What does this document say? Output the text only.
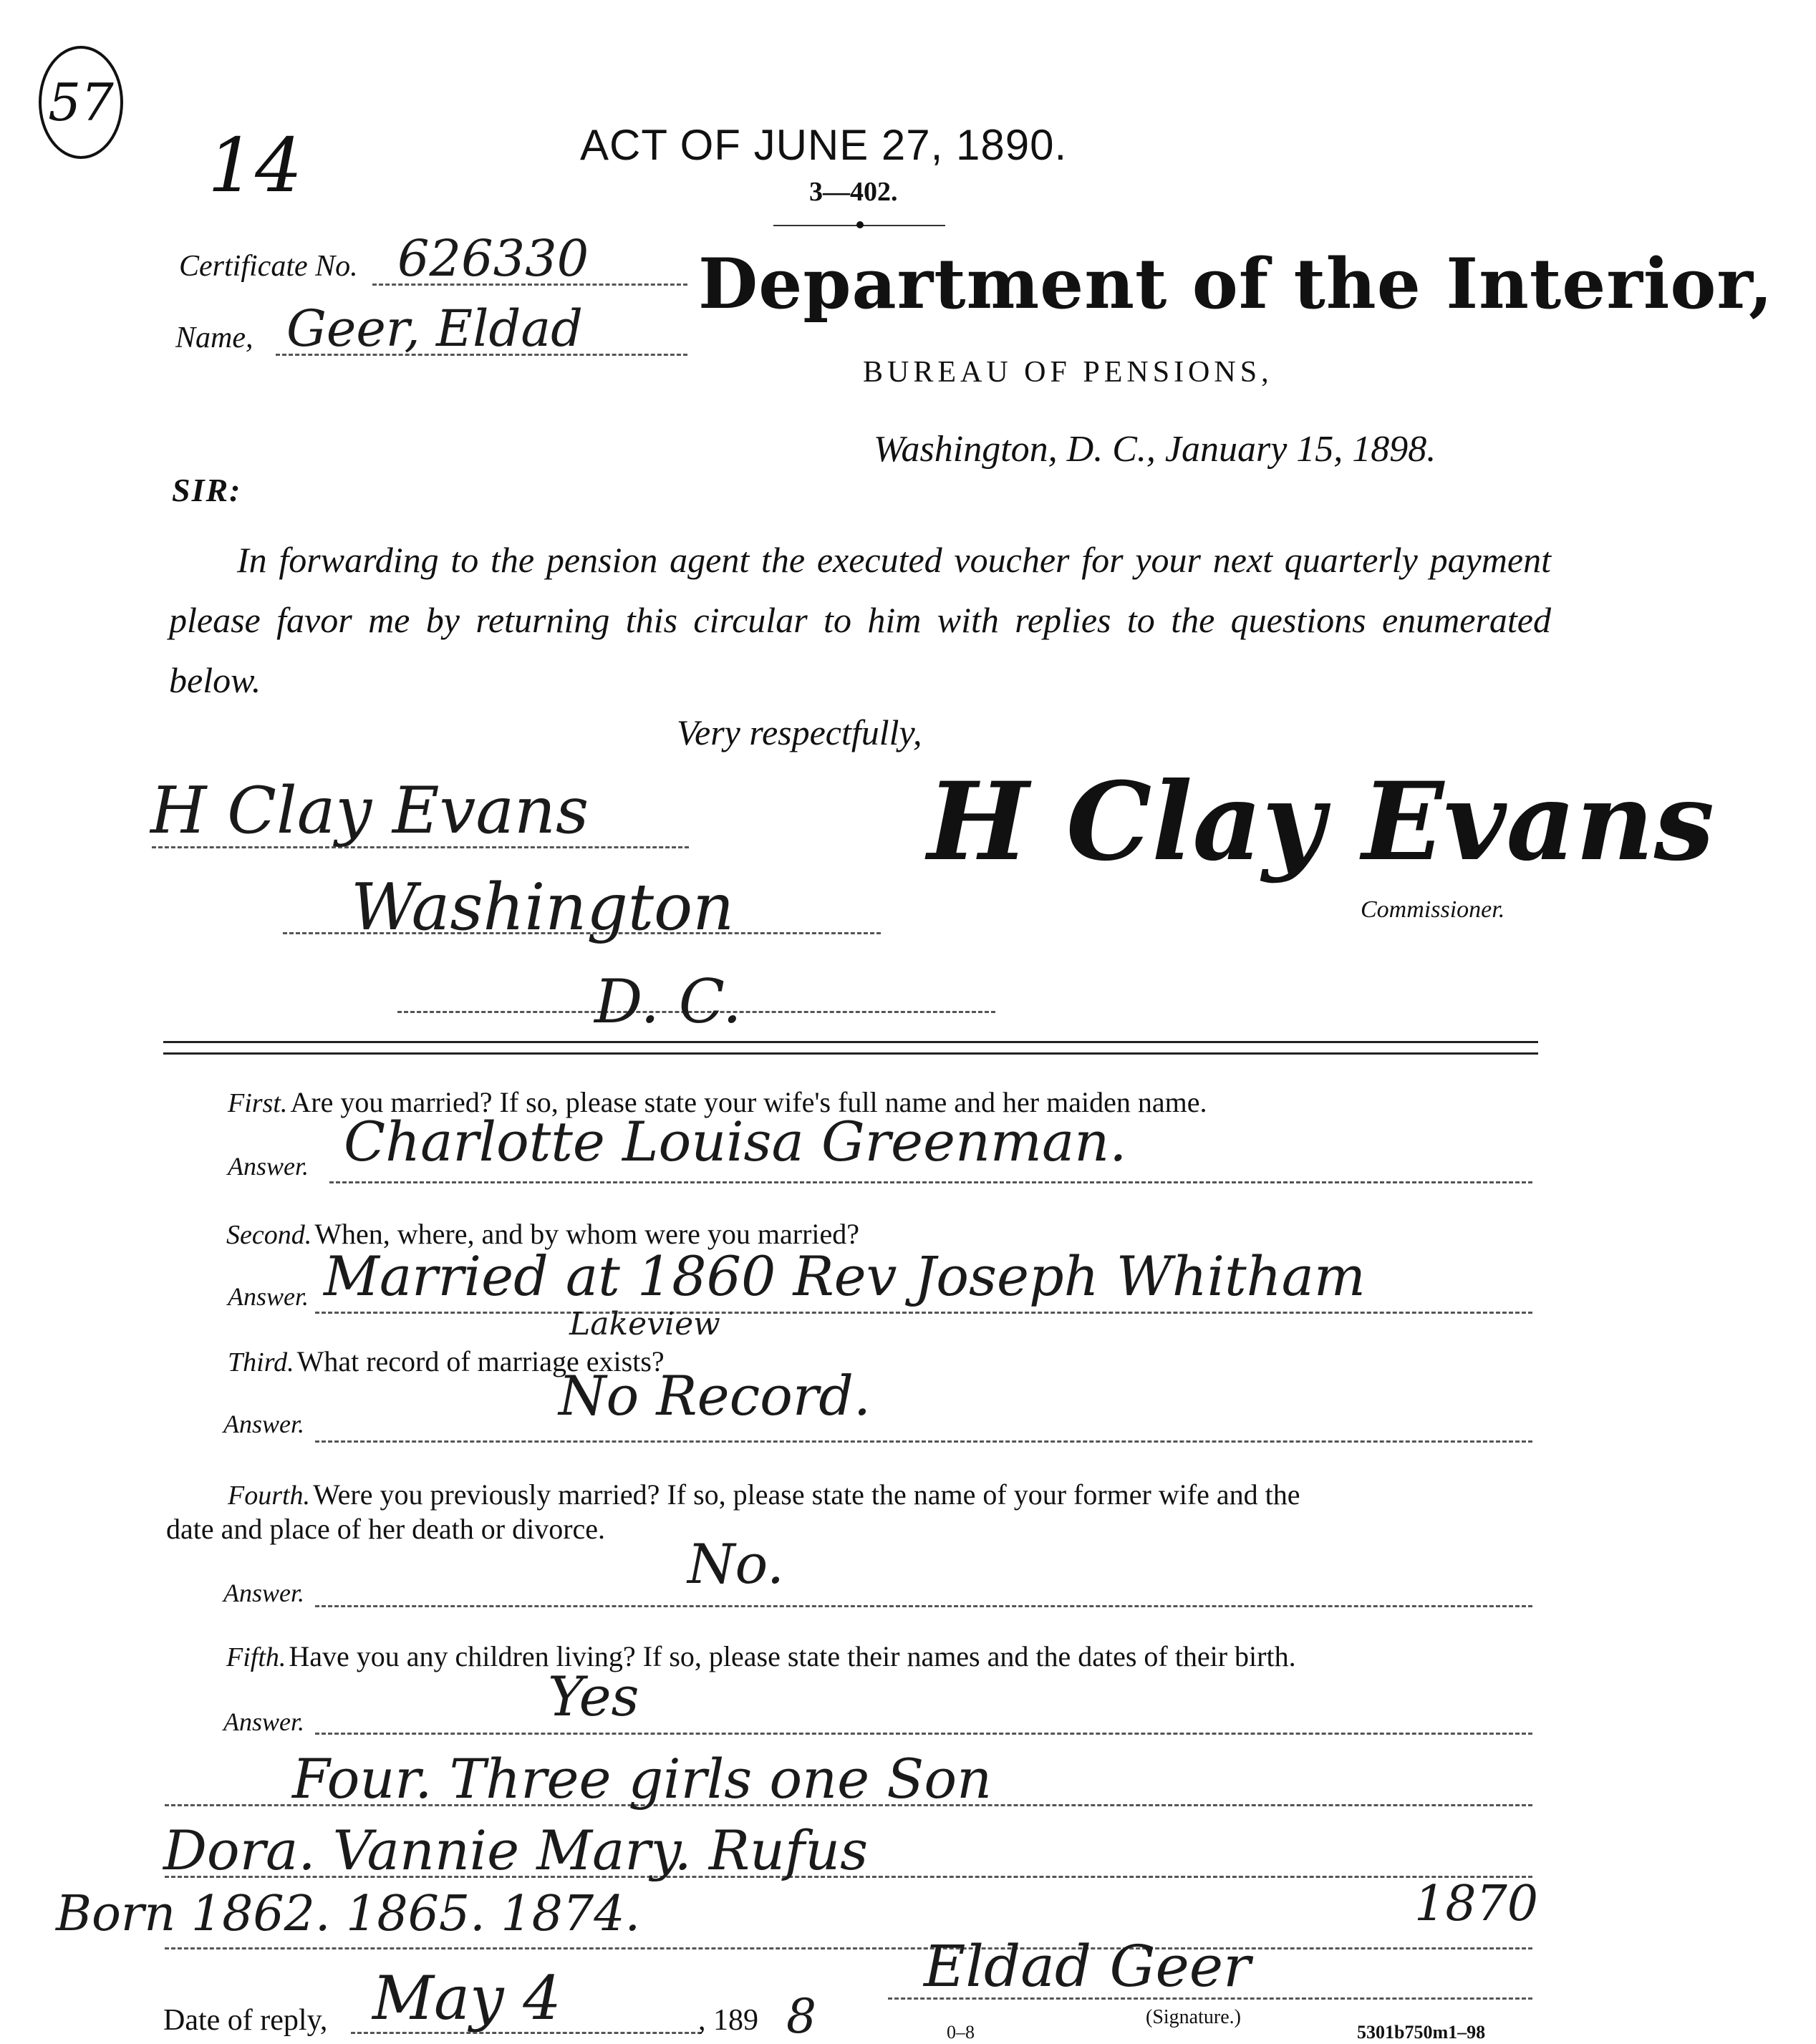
57
14	ACT OF JUNE 27, 1890.
3—402.
Certificate No. 626330
Name, Geer, Eldad
Department of the Interior,
BUREAU OF PENSIONS,
Washington, D. C., January 15, 1898.
SIR:
In forwarding to the pension agent the executed voucher for your next quarterly payment please favor me by returning this circular to him with replies to the questions enumerated below.
Very respectfully,
H Clay Evans
Washington
D. C.
H Clay Evans
Commissioner.
First. Are you married? If so, please state your wife's full name and her maiden name.
Answer. Charlotte Louisa Greenman.
Second. When, where, and by whom were you married?
Answer. Married at 1860 Rev Joseph Whitham
Lakeview
Third. What record of marriage exists?
Answer.	No Record.
Fourth. Were you previously married? If so, please state the name of your former wife and the
date and place of her death or divorce.
Answer.	No.
Fifth. Have you any children living? If so, please state their names and the dates of their birth.
Answer.	Yes
Four. Three girls one Son
Dora. Vannie Mary. Rufus
Born 1862. 1865. 1874.	1870
Eldad Geer
Date of reply, May 4	, 189 8	(Signature.)
0–8	5301b750m1–98
